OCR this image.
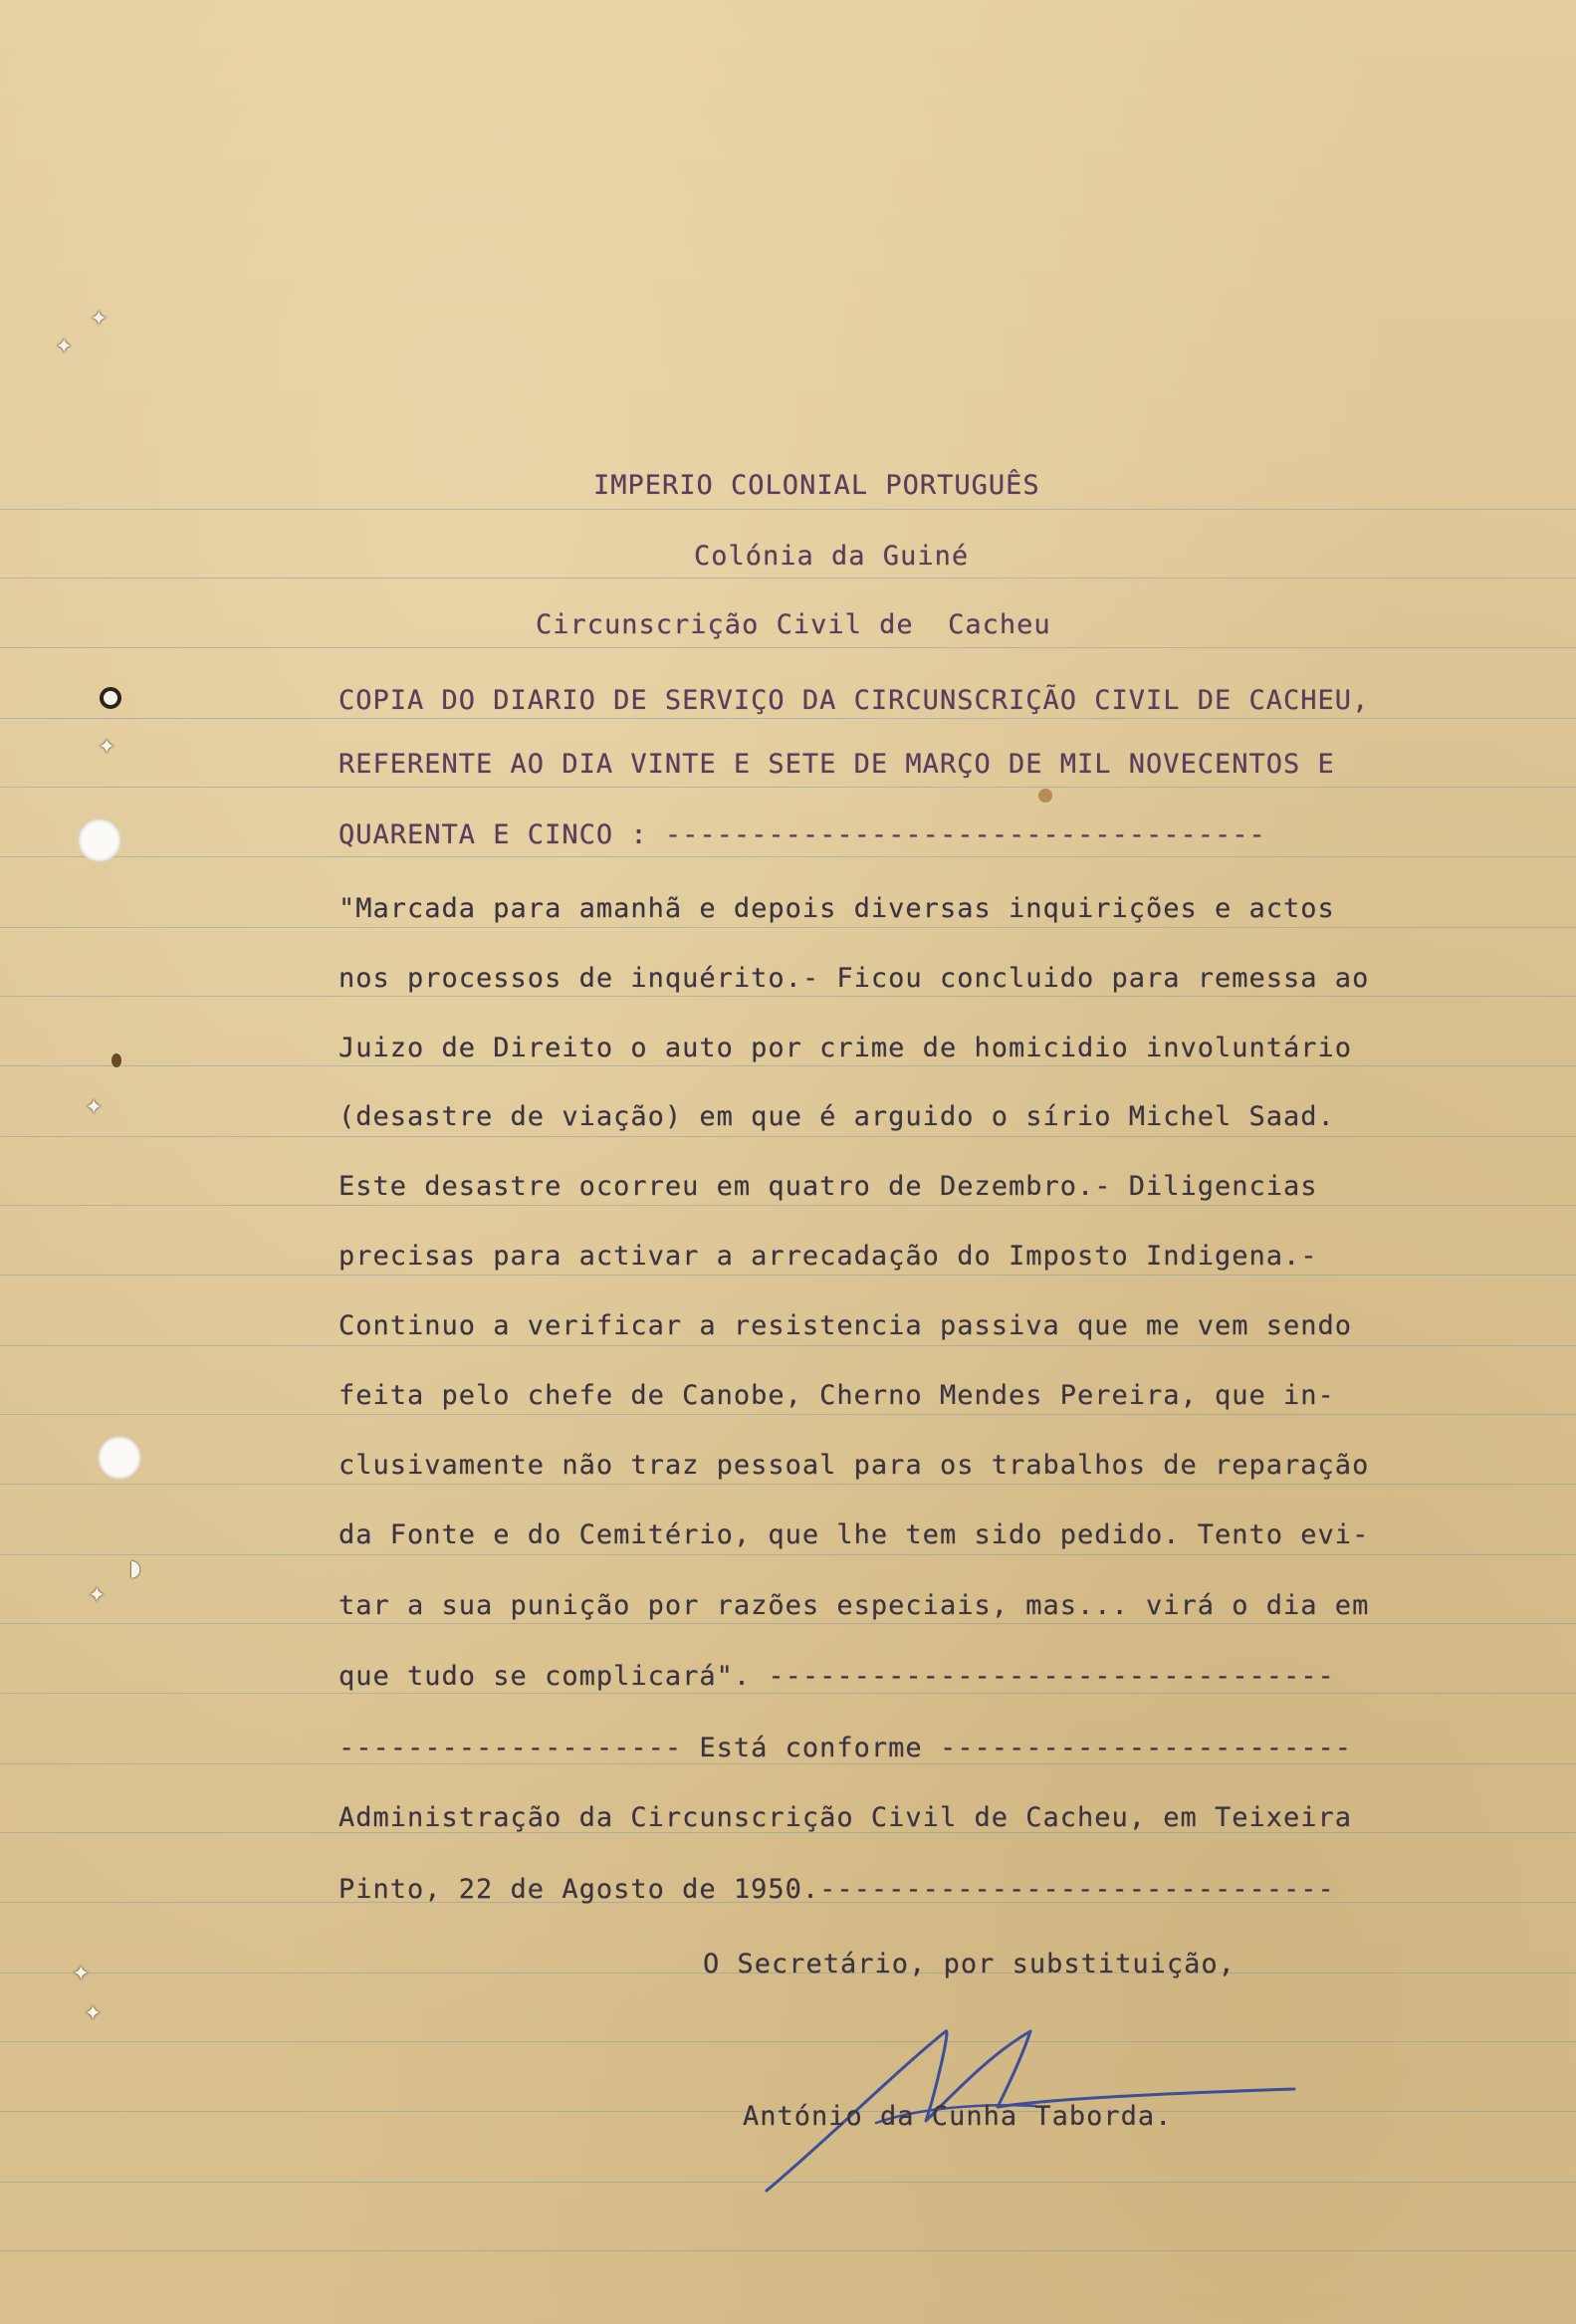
✦
✦
✦
✦
◗
✦
✦
✦
IMPERIO COLONIAL PORTUGUÊS
Colónia da Guiné
Circunscrição Civil de  Cacheu
COPIA DO DIARIO DE SERVIÇO DA CIRCUNSCRIÇÃO CIVIL DE CACHEU,
REFERENTE AO DIA VINTE E SETE DE MARÇO DE MIL NOVECENTOS E
QUARENTA E CINCO : -----------------------------------
"Marcada para amanhã e depois diversas inquirições e actos
nos processos de inquérito.- Ficou concluido para remessa ao
Juizo de Direito o auto por crime de homicidio involuntário
(desastre de viação) em que é arguido o sírio Michel Saad.
Este desastre ocorreu em quatro de Dezembro.- Diligencias
precisas para activar a arrecadação do Imposto Indigena.-
Continuo a verificar a resistencia passiva que me vem sendo
feita pelo chefe de Canobe, Cherno Mendes Pereira, que in-
clusivamente não traz pessoal para os trabalhos de reparação
da Fonte e do Cemitério, que lhe tem sido pedido. Tento evi-
tar a sua punição por razões especiais, mas... virá o dia em
que tudo se complicará". ---------------------------------
-------------------- Está conforme ------------------------
Administração da Circunscrição Civil de Cacheu, em Teixeira
Pinto, 22 de Agosto de 1950.------------------------------
O Secretário, por substituição,
António da Cunha Taborda.
